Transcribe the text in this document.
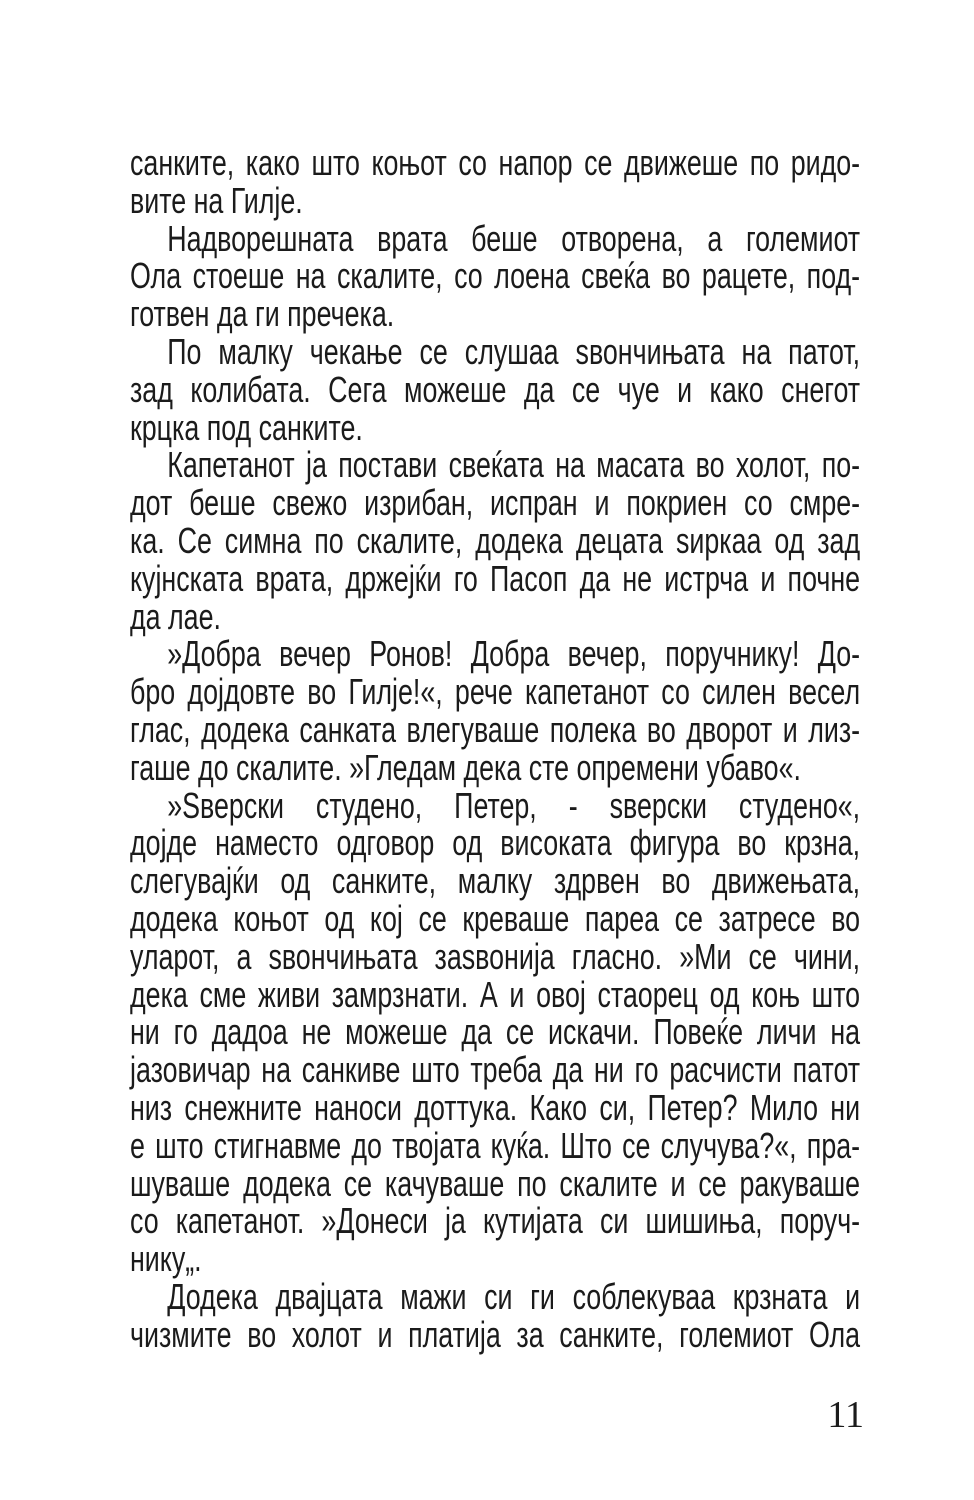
санките, како што коњот со напор се движеше по ридо-
вите на Гилје.
Надворешната врата беше отворена, а големиот
Ола стоеше на скалите, со лоена свеќа во рацете, под-
готвен да ги пречека.
По малку чекање се слушаа ѕвончињата на патот,
зад колибата. Сега можеше да се чуе и како снегот
крцка под санките.
Капетанот ја постави свеќата на масата во холот, по-
дот беше свежо изрибан, испран и покриен со смре-
ка. Се симна по скалите, додека децата ѕиркаа од зад
кујнската врата, држејќи го Пасоп да не истрча и почне
да лае.
»Добра вечер Ронов! Добра вечер, поручнику! До-
бро дојдовте во Гилје!«, рече капетанот со силен весел
глас, додека санката влегуваше полека во дворот и лиз-
гаше до скалите. »Гледам дека сте опремени убаво«.
»Ѕверски студено, Петер, - ѕверски студено«,
дојде наместо одговор од високата фигура во крзна,
слегувајќи од санките, малку здрвен во движењата,
додека коњот од кој се креваше пареа се затресе во
уларот, а ѕвончињата заѕвонија гласно. »Ми се чини,
дека сме живи замрзнати. А и овој стаорец од коњ што
ни го дадоа не можеше да се искачи. Повеќе личи на
јазовичар на санкиве што треба да ни го расчисти патот
низ снежните наноси доттука. Како си, Петер? Мило ни
е што стигнавме до твојата куќа. Што се случува?«, пра-
шуваше додека се качуваше по скалите и се ракуваше
со капетанот. »Донеси ја кутијата си шишиња, поруч-
нику„.
Додека двајцата мажи си ги соблекуваа крзната и
чизмите во холот и платија за санките, големиот Ола
11
